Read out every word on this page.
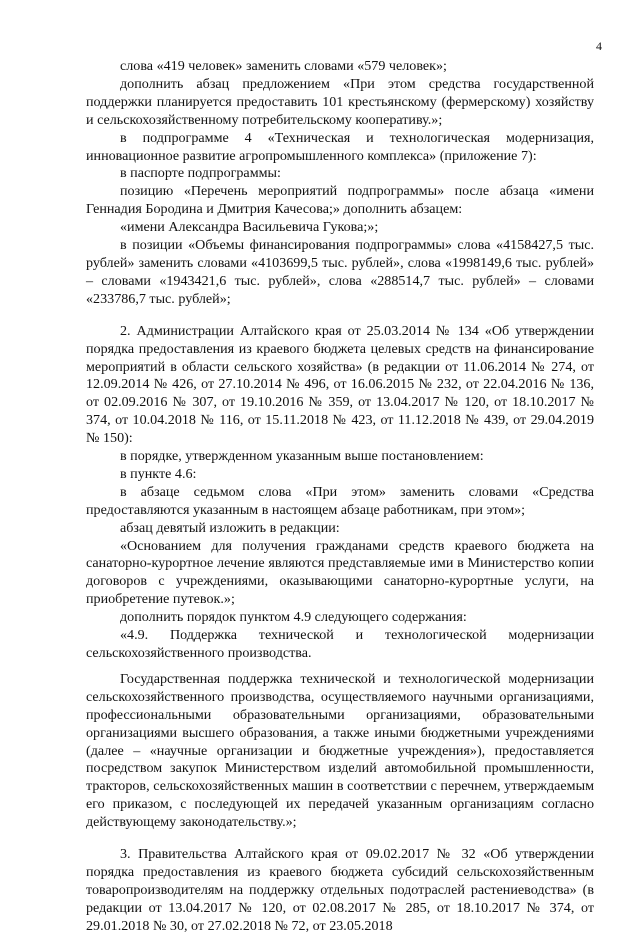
4

слова «419 человек» заменить словами «579 человек»;

дополнить абзац предложением «При этом средства государственной поддержки планируется предоставить 101 крестьянскому (фермерскому) хозяйству и сельскохозяйственному потребительскому кооперативу.»;

в подпрограмме 4 «Техническая и технологическая модернизация, инновационное развитие агропромышленного комплекса» (приложение 7):

в паспорте подпрограммы:

позицию «Перечень мероприятий подпрограммы» после абзаца «имени Геннадия Бородина и Дмитрия Качесова;» дополнить абзацем:

«имени Александра Васильевича Гукова;»;

в позиции «Объемы финансирования подпрограммы» слова «4158427,5 тыс. рублей» заменить словами «4103699,5 тыс. рублей», слова «1998149,6 тыс. рублей» – словами «1943421,6 тыс. рублей», слова «288514,7 тыс. рублей» – словами «233786,7 тыс. рублей»;

2. Администрации Алтайского края от 25.03.2014 № 134 «Об утверждении порядка предоставления из краевого бюджета целевых средств на финансирование мероприятий в области сельского хозяйства» (в редакции от 11.06.2014 № 274, от 12.09.2014 № 426, от 27.10.2014 № 496, от 16.06.2015 № 232, от 22.04.2016 № 136, от 02.09.2016 № 307, от 19.10.2016 № 359, от 13.04.2017 № 120, от 18.10.2017 № 374, от 10.04.2018 № 116, от 15.11.2018 № 423, от 11.12.2018 № 439, от 29.04.2019 № 150):

в порядке, утвержденном указанным выше постановлением:

в пункте 4.6:

в абзаце седьмом слова «При этом» заменить словами «Средства предоставляются указанным в настоящем абзаце работникам, при этом»;

абзац девятый изложить в редакции:

«Основанием для получения гражданами средств краевого бюджета на санаторно-курортное лечение являются представляемые ими в Министерство копии договоров с учреждениями, оказывающими санаторно-курортные услуги, на приобретение путевок.»;

дополнить порядок пунктом 4.9 следующего содержания:

«4.9. Поддержка технической и технологической модернизации сельскохозяйственного производства.

Государственная поддержка технической и технологической модернизации сельскохозяйственного производства, осуществляемого научными организациями, профессиональными образовательными организациями, образовательными организациями высшего образования, а также иными бюджетными учреждениями (далее – «научные организации и бюджетные учреждения»), предоставляется посредством закупок Министерством изделий автомобильной промышленности, тракторов, сельскохозяйственных машин в соответствии с перечнем, утверждаемым его приказом, с последующей их передачей указанным организациям согласно действующему законодательству.»;

3. Правительства Алтайского края от 09.02.2017 № 32 «Об утверждении порядка предоставления из краевого бюджета субсидий сельскохозяйственным товаропроизводителям на поддержку отдельных подотраслей растениеводства» (в редакции от 13.04.2017 № 120, от 02.08.2017 № 285, от 18.10.2017 № 374, от 29.01.2018 № 30, от 27.02.2018 № 72, от 23.05.2018
